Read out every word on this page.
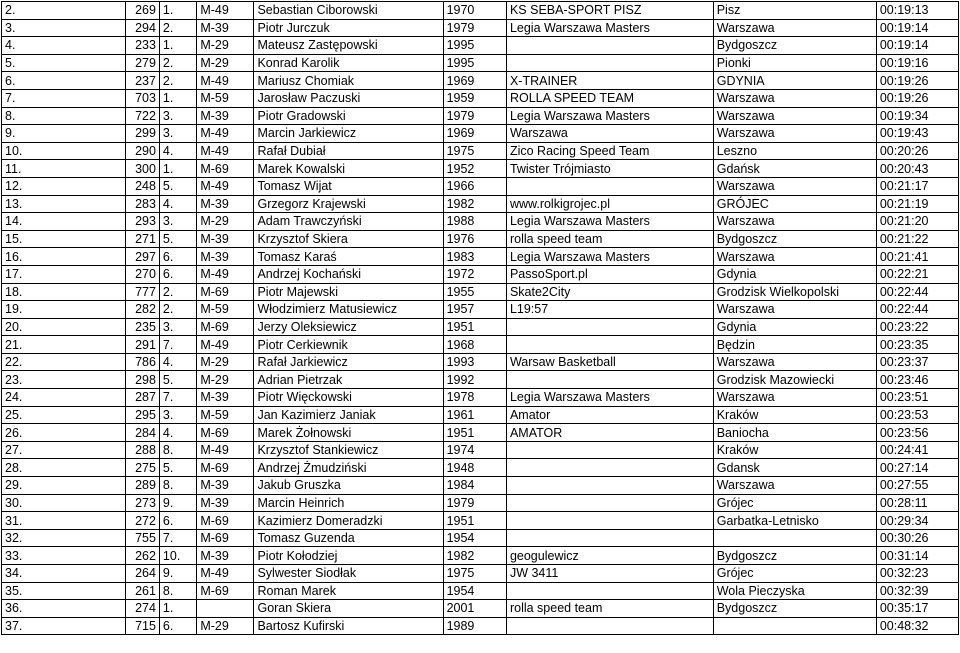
2.	269	1.	M-49	Sebastian Ciborowski	1970	KS SEBA-SPORT PISZ	Pisz	00:19:13
3.	294	2.	M-39	Piotr Jurczuk	1979	Legia Warszawa Masters	Warszawa	00:19:14
4.	233	1.	M-29	Mateusz Zastępowski	1995		Bydgoszcz	00:19:14
5.	279	2.	M-29	Konrad Karolik	1995		Pionki	00:19:16
6.	237	2.	M-49	Mariusz Chomiak	1969	X-TRAINER	GDYNIA	00:19:26
7.	703	1.	M-59	Jarosław Paczuski	1959	ROLLA SPEED TEAM	Warszawa	00:19:26
8.	722	3.	M-39	Piotr Gradowski	1979	Legia Warszawa Masters	Warszawa	00:19:34
9.	299	3.	M-49	Marcin Jarkiewicz	1969	Warszawa	Warszawa	00:19:43
10.	290	4.	M-49	Rafał Dubiał	1975	Zico Racing Speed Team	Leszno	00:20:26
11.	300	1.	M-69	Marek Kowalski	1952	Twister Trójmiasto	Gdańsk	00:20:43
12.	248	5.	M-49	Tomasz Wijat	1966		Warszawa	00:21:17
13.	283	4.	M-39	Grzegorz Krajewski	1982	www.rolkigrojec.pl	GRÓJEC	00:21:19
14.	293	3.	M-29	Adam Trawczyński	1988	Legia Warszawa Masters	Warszawa	00:21:20
15.	271	5.	M-39	Krzysztof Skiera	1976	rolla speed team	Bydgoszcz	00:21:22
16.	297	6.	M-39	Tomasz Karaś	1983	Legia Warszawa Masters	Warszawa	00:21:41
17.	270	6.	M-49	Andrzej Kochański	1972	PassoSport.pl	Gdynia	00:22:21
18.	777	2.	M-69	Piotr Majewski	1955	Skate2City	Grodzisk Wielkopolski	00:22:44
19.	282	2.	M-59	Włodzimierz Matusiewicz	1957	L19:57	Warszawa	00:22:44
20.	235	3.	M-69	Jerzy Oleksiewicz	1951		Gdynia	00:23:22
21.	291	7.	M-49	Piotr Cerkiewnik	1968		Będzin	00:23:35
22.	786	4.	M-29	Rafał Jarkiewicz	1993	Warsaw Basketball	Warszawa	00:23:37
23.	298	5.	M-29	Adrian Pietrzak	1992		Grodzisk Mazowiecki	00:23:46
24.	287	7.	M-39	Piotr Więckowski	1978	Legia Warszawa Masters	Warszawa	00:23:51
25.	295	3.	M-59	Jan Kazimierz Janiak	1961	Amator	Kraków	00:23:53
26.	284	4.	M-69	Marek Żołnowski	1951	AMATOR	Baniocha	00:23:56
27.	288	8.	M-49	Krzysztof Stankiewicz	1974		Kraków	00:24:41
28.	275	5.	M-69	Andrzej Żmudziński	1948		Gdansk	00:27:14
29.	289	8.	M-39	Jakub Gruszka	1984		Warszawa	00:27:55
30.	273	9.	M-39	Marcin Heinrich	1979		Grójec	00:28:11
31.	272	6.	M-69	Kazimierz Domeradzki	1951		Garbatka-Letnisko	00:29:34
32.	755	7.	M-69	Tomasz Guzenda	1954			00:30:26
33.	262	10.	M-39	Piotr Kołodziej	1982	geogulewicz	Bydgoszcz	00:31:14
34.	264	9.	M-49	Sylwester Siodłak	1975	JW 3411	Grójec	00:32:23
35.	261	8.	M-69	Roman Marek	1954		Wola Pieczyska	00:32:39
36.	274	1.		Goran Skiera	2001	rolla speed team	Bydgoszcz	00:35:17
37.	715	6.	M-29	Bartosz Kufirski	1989			00:48:32
